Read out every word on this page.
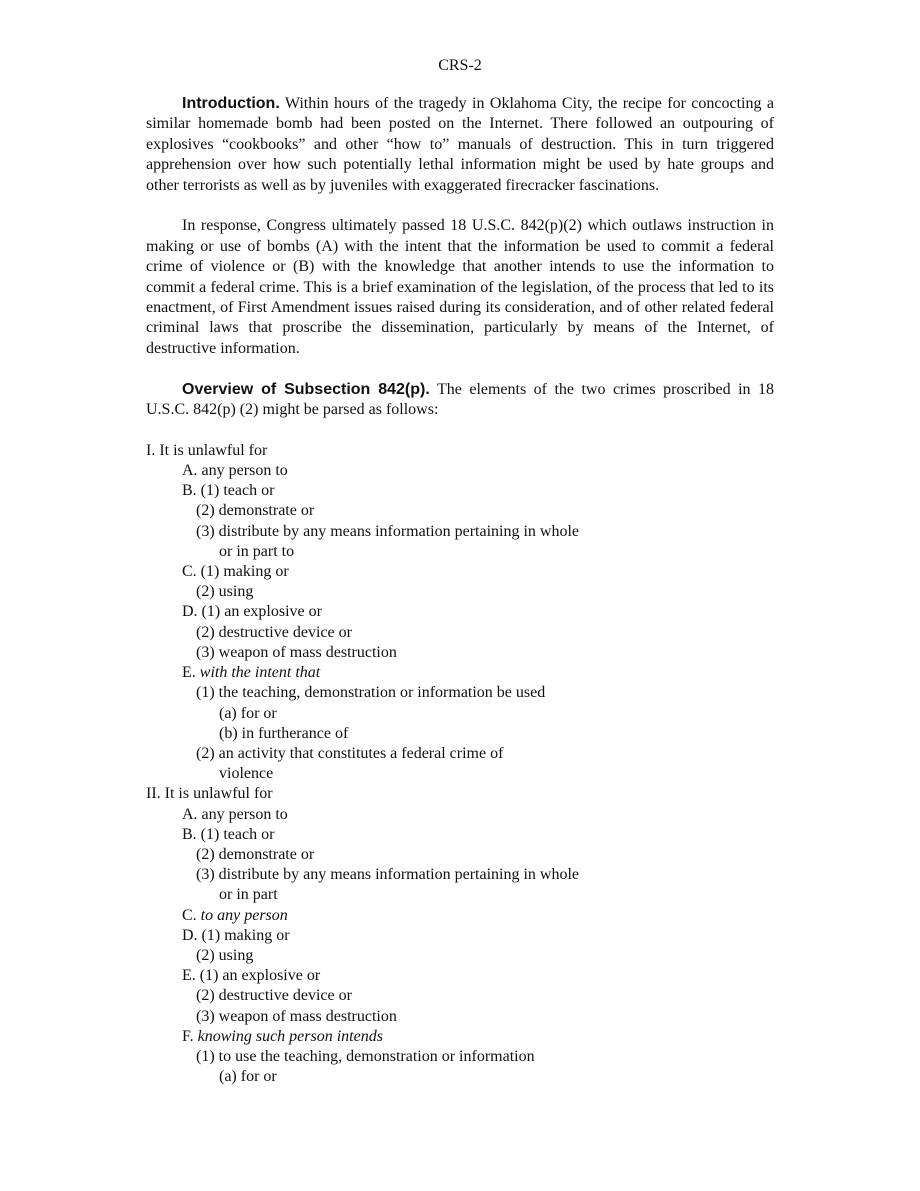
CRS-2

Introduction. Within hours of the tragedy in Oklahoma City, the recipe for concocting a similar homemade bomb had been posted on the Internet. There followed an outpouring of explosives “cookbooks” and other “how to” manuals of destruction. This in turn triggered apprehension over how such potentially lethal information might be used by hate groups and other terrorists as well as by juveniles with exaggerated firecracker fascinations.

In response, Congress ultimately passed 18 U.S.C. 842(p)(2) which outlaws instruction in making or use of bombs (A) with the intent that the information be used to commit a federal crime of violence or (B) with the knowledge that another intends to use the information to commit a federal crime. This is a brief examination of the legislation, of the process that led to its enactment, of First Amendment issues raised during its consideration, and of other related federal criminal laws that proscribe the dissemination, particularly by means of the Internet, of destructive information.

Overview of Subsection 842(p). The elements of the two crimes proscribed in 18 U.S.C. 842(p) (2) might be parsed as follows:

I. It is unlawful for
A. any person to
B. (1) teach or
(2) demonstrate or
(3) distribute by any means information pertaining in whole
or in part to
C. (1) making or
(2) using
D. (1) an explosive or
(2) destructive device or
(3) weapon of mass destruction
E. with the intent that
(1) the teaching, demonstration or information be used
(a) for or
(b) in furtherance of
(2) an activity that constitutes a federal crime of
violence
II. It is unlawful for
A. any person to
B. (1) teach or
(2) demonstrate or
(3) distribute by any means information pertaining in whole
or in part
C. to any person
D. (1) making or
(2) using
E. (1) an explosive or
(2) destructive device or
(3) weapon of mass destruction
F. knowing such person intends
(1) to use the teaching, demonstration or information
(a) for or
